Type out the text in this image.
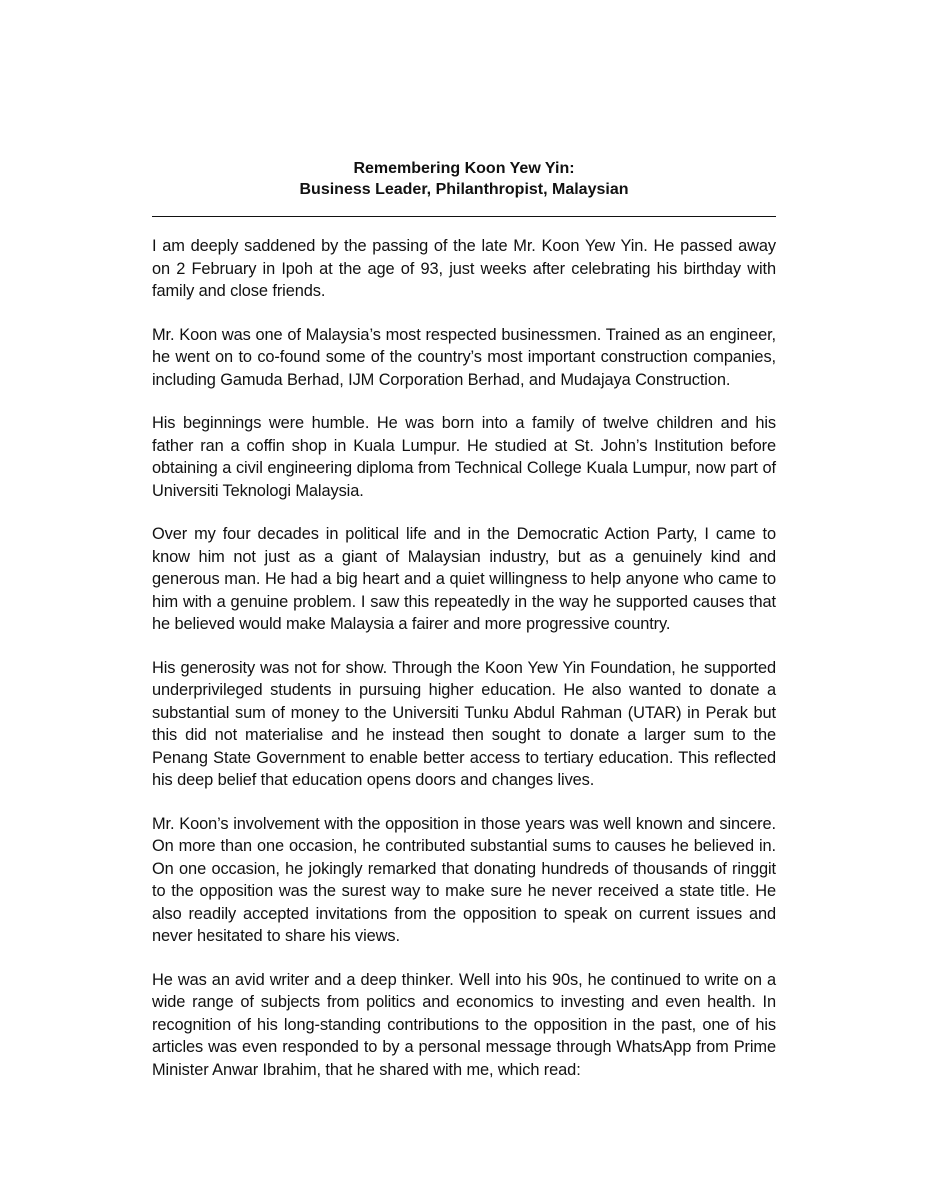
Remembering Koon Yew Yin:

Business Leader, Philanthropist, Malaysian

I am deeply saddened by the passing of the late Mr. Koon Yew Yin. He passed away on 2 February in Ipoh at the age of 93, just weeks after celebrating his birthday with family and close friends.

Mr. Koon was one of Malaysia’s most respected businessmen. Trained as an engineer, he went on to co-found some of the country’s most important construction companies, including Gamuda Berhad, IJM Corporation Berhad, and Mudajaya Construction.

His beginnings were humble. He was born into a family of twelve children and his father ran a coffin shop in Kuala Lumpur. He studied at St. John’s Institution before obtaining a civil engineering diploma from Technical College Kuala Lumpur, now part of Universiti Teknologi Malaysia.

Over my four decades in political life and in the Democratic Action Party, I came to know him not just as a giant of Malaysian industry, but as a genuinely kind and generous man. He had a big heart and a quiet willingness to help anyone who came to him with a genuine problem. I saw this repeatedly in the way he supported causes that he believed would make Malaysia a fairer and more progressive country.

His generosity was not for show. Through the Koon Yew Yin Foundation, he supported underprivileged students in pursuing higher education. He also wanted to donate a substantial sum of money to the Universiti Tunku Abdul Rahman (UTAR) in Perak but this did not materialise and he instead then sought to donate a larger sum to the Penang State Government to enable better access to tertiary education. This reflected his deep belief that education opens doors and changes lives.

Mr. Koon’s involvement with the opposition in those years was well known and sincere. On more than one occasion, he contributed substantial sums to causes he believed in. On one occasion, he jokingly remarked that donating hundreds of thousands of ringgit to the opposition was the surest way to make sure he never received a state title. He also readily accepted invitations from the opposition to speak on current issues and never hesitated to share his views.

He was an avid writer and a deep thinker. Well into his 90s, he continued to write on a wide range of subjects from politics and economics to investing and even health. In recognition of his long-standing contributions to the opposition in the past, one of his articles was even responded to by a personal message through WhatsApp from Prime Minister Anwar Ibrahim, that he shared with me, which read:
